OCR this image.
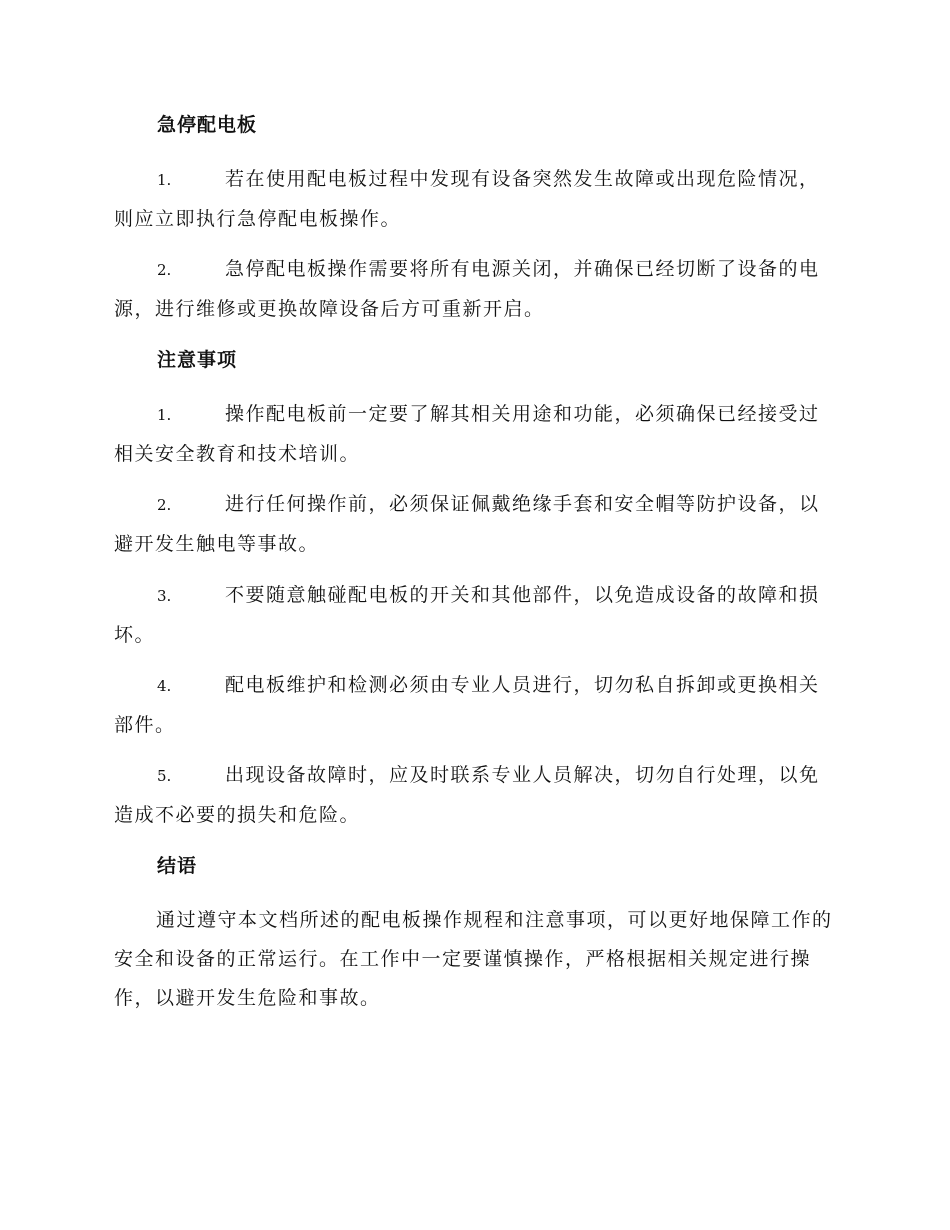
急停配电板
1.	若在使用配电板过程中发现有设备突然发生故障或出现危险情况，则应立即执行急停配电板操作。
2.	急停配电板操作需要将所有电源关闭，并确保已经切断了设备的电源，进行维修或更换故障设备后方可重新开启。
注意事项
1.	操作配电板前一定要了解其相关用途和功能，必须确保已经接受过相关安全教育和技术培训。
2.	进行任何操作前，必须保证佩戴绝缘手套和安全帽等防护设备，以避开发生触电等事故。
3.	不要随意触碰配电板的开关和其他部件，以免造成设备的故障和损坏。
4.	配电板维护和检测必须由专业人员进行，切勿私自拆卸或更换相关部件。
5.	出现设备故障时，应及时联系专业人员解决，切勿自行处理，以免造成不必要的损失和危险。
结语
通过遵守本文档所述的配电板操作规程和注意事项，可以更好地保障工作的安全和设备的正常运行。在工作中一定要谨慎操作，严格根据相关规定进行操作，以避开发生危险和事故。
